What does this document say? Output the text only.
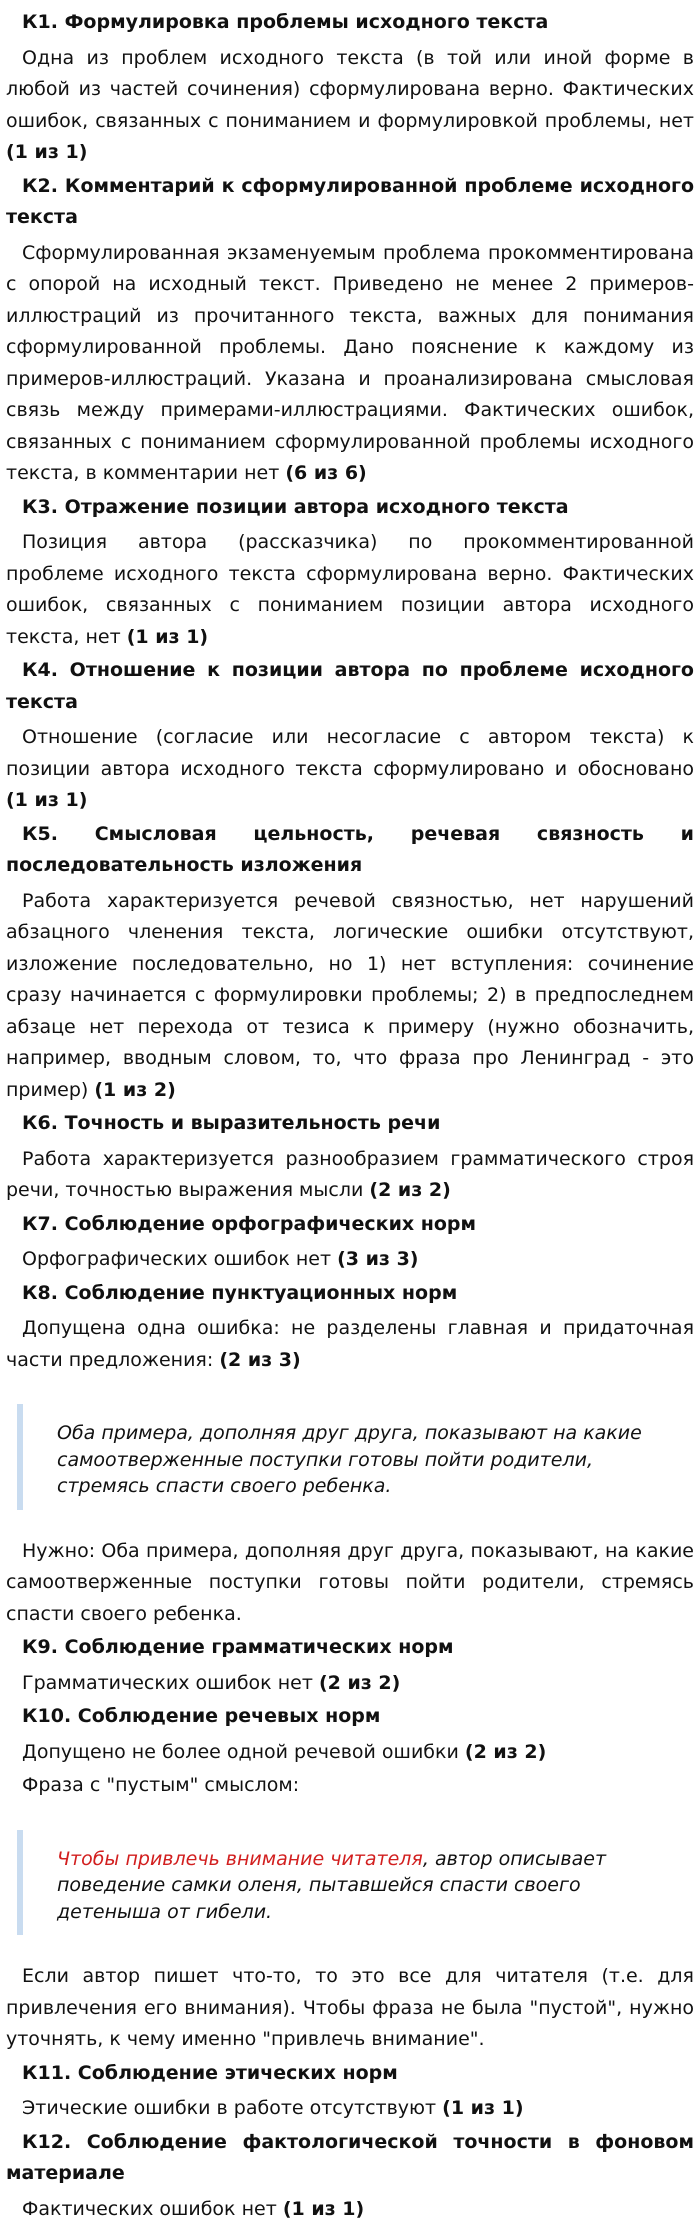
К1. Формулировка проблемы исходного текста
Одна из проблем исходного текста (в той или иной форме в любой из частей сочинения) сформулирована верно. Фактических ошибок, связанных с пониманием и формулировкой проблемы, нет (1 из 1)
К2. Комментарий к сформулированной проблеме исходного текста
Сформулированная экзаменуемым проблема прокомментирована с опорой на исходный текст. Приведено не менее 2 примеров-иллюстраций из прочитанного текста, важных для понимания сформулированной проблемы. Дано пояснение к каждому из примеров-иллюстраций. Указана и проанализирована смысловая связь между примерами-иллюстрациями. Фактических ошибок, связанных с пониманием сформулированной проблемы исходного текста, в комментарии нет (6 из 6)
К3. Отражение позиции автора исходного текста
Позиция автора (рассказчика) по прокомментированной проблеме исходного текста сформулирована верно. Фактических ошибок, связанных с пониманием позиции автора исходного текста, нет (1 из 1)
К4. Отношение к позиции автора по проблеме исходного текста
Отношение (согласие или несогласие с автором текста) к позиции автора исходного текста сформулировано и обосновано (1 из 1)
К5. Смысловая цельность, речевая связность и последовательность изложения
Работа характеризуется речевой связностью, нет нарушений абзацного членения текста, логические ошибки отсутствуют, изложение последовательно, но 1) нет вступления: сочинение сразу начинается с формулировки проблемы; 2) в предпоследнем абзаце нет перехода от тезиса к примеру (нужно обозначить, например, вводным словом, то, что фраза про Ленинград - это пример) (1 из 2)
К6. Точность и выразительность речи
Работа характеризуется разнообразием грамматического строя речи, точностью выражения мысли (2 из 2)
К7. Соблюдение орфографических норм
Орфографических ошибок нет (3 из 3)
К8. Соблюдение пунктуационных норм
Допущена одна ошибка: не разделены главная и придаточная части предложения: (2 из 3)
Оба примера, дополняя друг друга, показывают на какие самоотверженные поступки готовы пойти родители, стремясь спасти своего ребенка.
Нужно: Оба примера, дополняя друг друга, показывают, на какие самоотверженные поступки готовы пойти родители, стремясь спасти своего ребенка.
К9. Соблюдение грамматических норм
Грамматических ошибок нет (2 из 2)
К10. Соблюдение речевых норм
Допущено не более одной речевой ошибки (2 из 2)
Фраза с "пустым" смыслом:
Чтобы привлечь внимание читателя, автор описывает поведение самки оленя, пытавшейся спасти своего детеныша от гибели.
Если автор пишет что-то, то это все для читателя (т.е. для привлечения его внимания). Чтобы фраза не была "пустой", нужно уточнять, к чему именно "привлечь внимание".
К11. Соблюдение этических норм
Этические ошибки в работе отсутствуют (1 из 1)
К12. Соблюдение фактологической точности в фоновом материале
Фактических ошибок нет (1 из 1)
